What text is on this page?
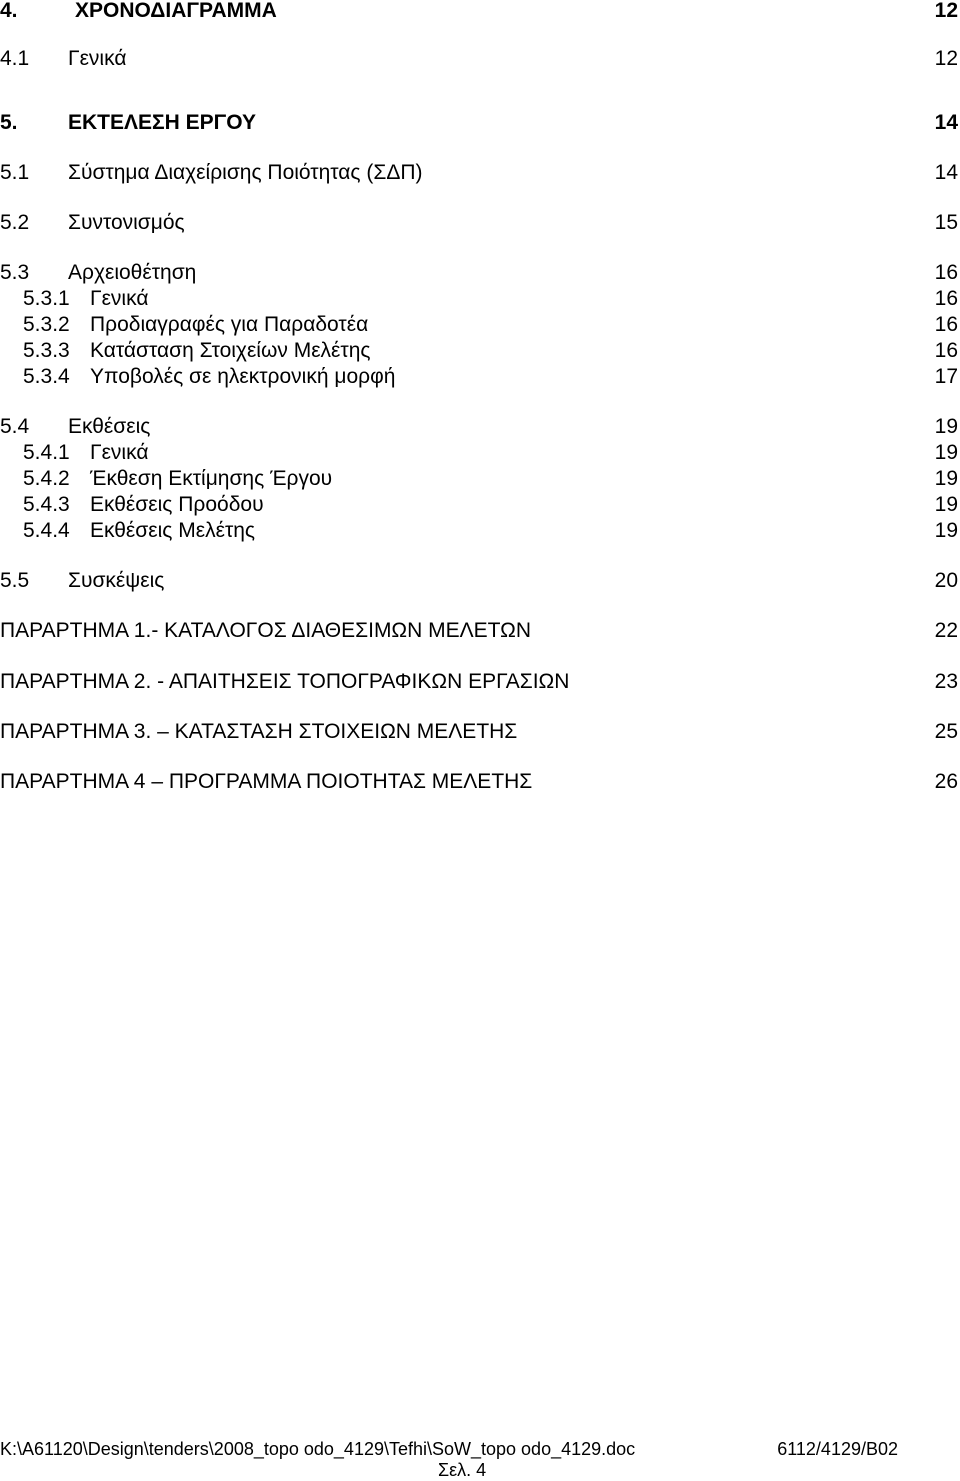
4.	ΧΡΟΝΟΔΙΑΓΡΑΜΜΑ	12
4.1 Γενικά	12
5. ΕΚΤΕΛΕΣΗ ΕΡΓΟΥ	14
5.1 Σύστημα Διαχείρισης Ποιότητας (ΣΔΠ)	14
5.2 Συντονισμός	15
5.3 Αρχειοθέτηση	16
5.3.1 Γενικά	16
5.3.2 Προδιαγραφές για Παραδοτέα	16
5.3.3 Κατάσταση Στοιχείων Μελέτης	16
5.3.4 Υποβολές σε ηλεκτρονική μορφή	17
5.4 Εκθέσεις	19
5.4.1 Γενικά	19
5.4.2 Έκθεση Εκτίμησης Έργου	19
5.4.3 Εκθέσεις Προόδου	19
5.4.4 Εκθέσεις Μελέτης	19
5.5 Συσκέψεις	20
ΠΑΡΑΡΤΗΜΑ 1.- ΚΑΤΑΛΟΓΟΣ ΔΙΑΘΕΣΙΜΩΝ ΜΕΛΕΤΩΝ	22
ΠΑΡΑΡΤΗΜΑ 2. - ΑΠΑΙΤΗΣΕΙΣ ΤΟΠΟΓΡΑΦΙΚΩΝ ΕΡΓΑΣΙΩΝ	23
ΠΑΡΑΡΤΗΜΑ 3. – ΚΑΤΑΣΤΑΣΗ ΣΤΟΙΧΕΙΩΝ ΜΕΛΕΤΗΣ	25
ΠΑΡΑΡΤΗΜΑ 4 – ΠΡΟΓΡΑΜΜΑ ΠΟΙΟΤΗΤΑΣ ΜΕΛΕΤΗΣ	26
K:\A61120\Design\tenders\2008_topo odo_4129\Tefhi\SoW_topo odo_4129.doc	6112/4129/B02
Σελ. 4
